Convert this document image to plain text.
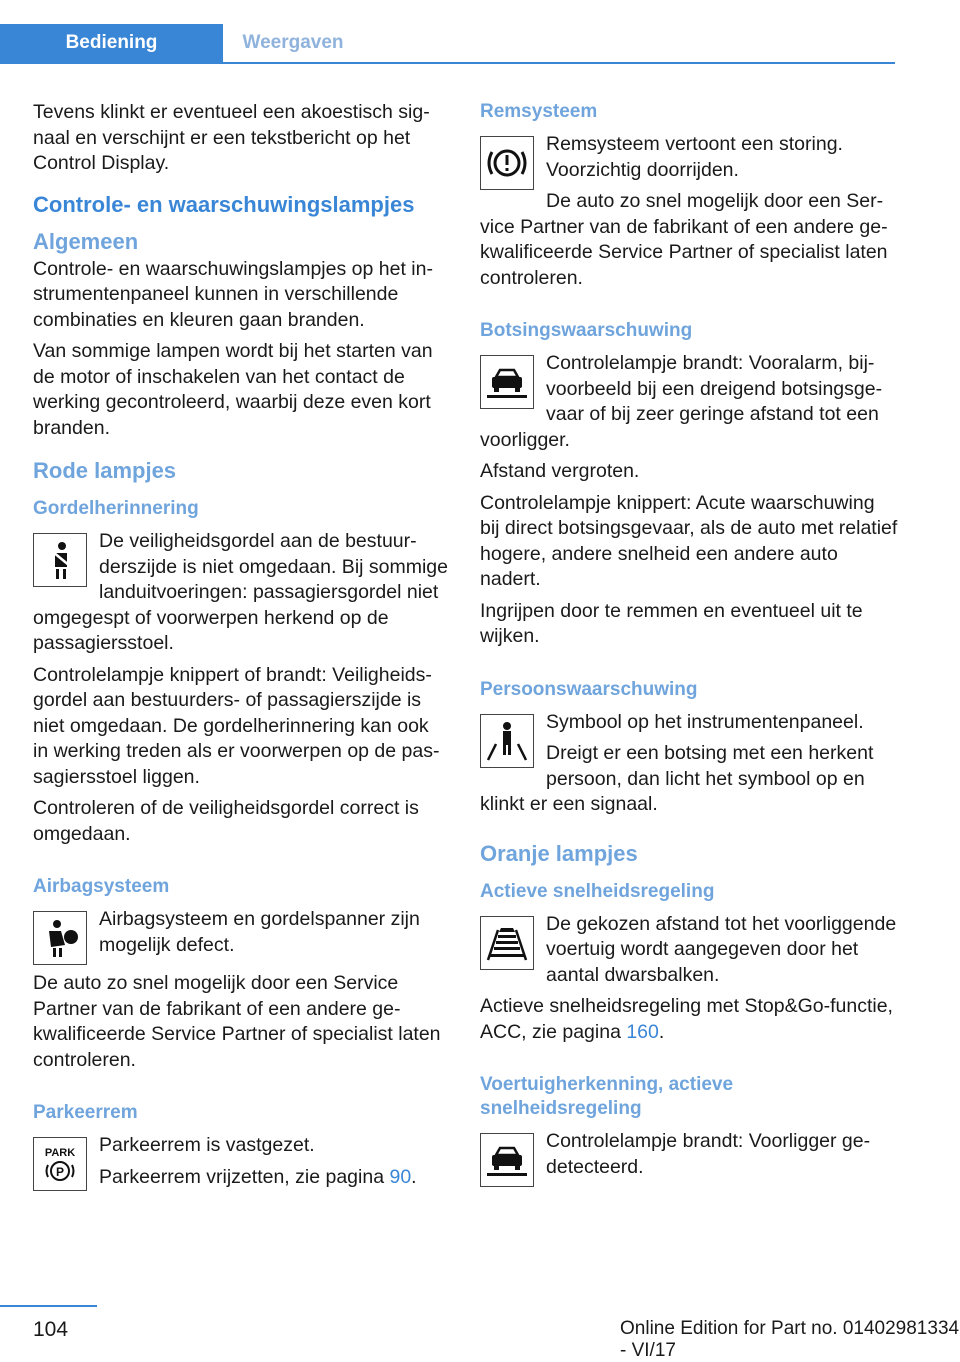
Bediening	Weergaven

Tevens klinkt er eventueel een akoestisch signaal en verschijnt er een tekstbericht op het Control Display.

Controle- en waarschuwingslampjes
Algemeen

Controle- en waarschuwingslampjes op het instrumentenpaneel kunnen in verschillende combinaties en kleuren gaan branden.

Van sommige lampen wordt bij het starten van de motor of inschakelen van het contact de werking gecontroleerd, waarbij deze even kort branden.

Rode lampjes
Gordelherinnering

De veiligheidsgordel aan de bestuurderszijde is niet omgedaan. Bij sommige landuitvoeringen: passagiersgordel niet omgegespt of voorwerpen herkend op de passagiersstoel.

Controlelampje knippert of brandt: Veiligheidsgordel aan bestuurders- of passagierszijde is niet omgedaan. De gordelherinnering kan ook in werking treden als er voorwerpen op de passagiersstoel liggen.

Controleren of de veiligheidsgordel correct is omgedaan.

Airbagsysteem

Airbagsysteem en gordelspanner zijn mogelijk defect.

De auto zo snel mogelijk door een Service Partner van de fabrikant of een andere gekwalificeerde Service Partner of specialist laten controleren.

Parkeerrem
PARK
P

Parkeerrem is vastgezet.

Parkeerrem vrijzetten, zie pagina 90.

Remsysteem

Remsysteem vertoont een storing. Voorzichtig doorrijden.

De auto zo snel mogelijk door een Service Partner van de fabrikant of een andere gekwalificeerde Service Partner of specialist laten controleren.

Botsingswaarschuwing

Controlelampje brandt: Vooralarm, bijvoorbeeld bij een dreigend botsingsgevaar of bij zeer geringe afstand tot een voorligger.

Afstand vergroten.

Controlelampje knippert: Acute waarschuwing bij direct botsingsgevaar, als de auto met relatief hogere, andere snelheid een andere auto nadert.

Ingrijpen door te remmen en eventueel uit te wijken.

Persoonswaarschuwing

Symbool op het instrumentenpaneel.

Dreigt er een botsing met een herkent persoon, dan licht het symbool op en klinkt er een signaal.

Oranje lampjes
Actieve snelheidsregeling

De gekozen afstand tot het voorliggende voertuig wordt aangegeven door het aantal dwarsbalken.

Actieve snelheidsregeling met Stop&Go-functie, ACC, zie pagina 160.

Voertuigherkenning, actieve snelheidsregeling

Controlelampje brandt: Voorligger gedetecteerd.

104	Online Edition for Part no. 01402981334 - VI/17
